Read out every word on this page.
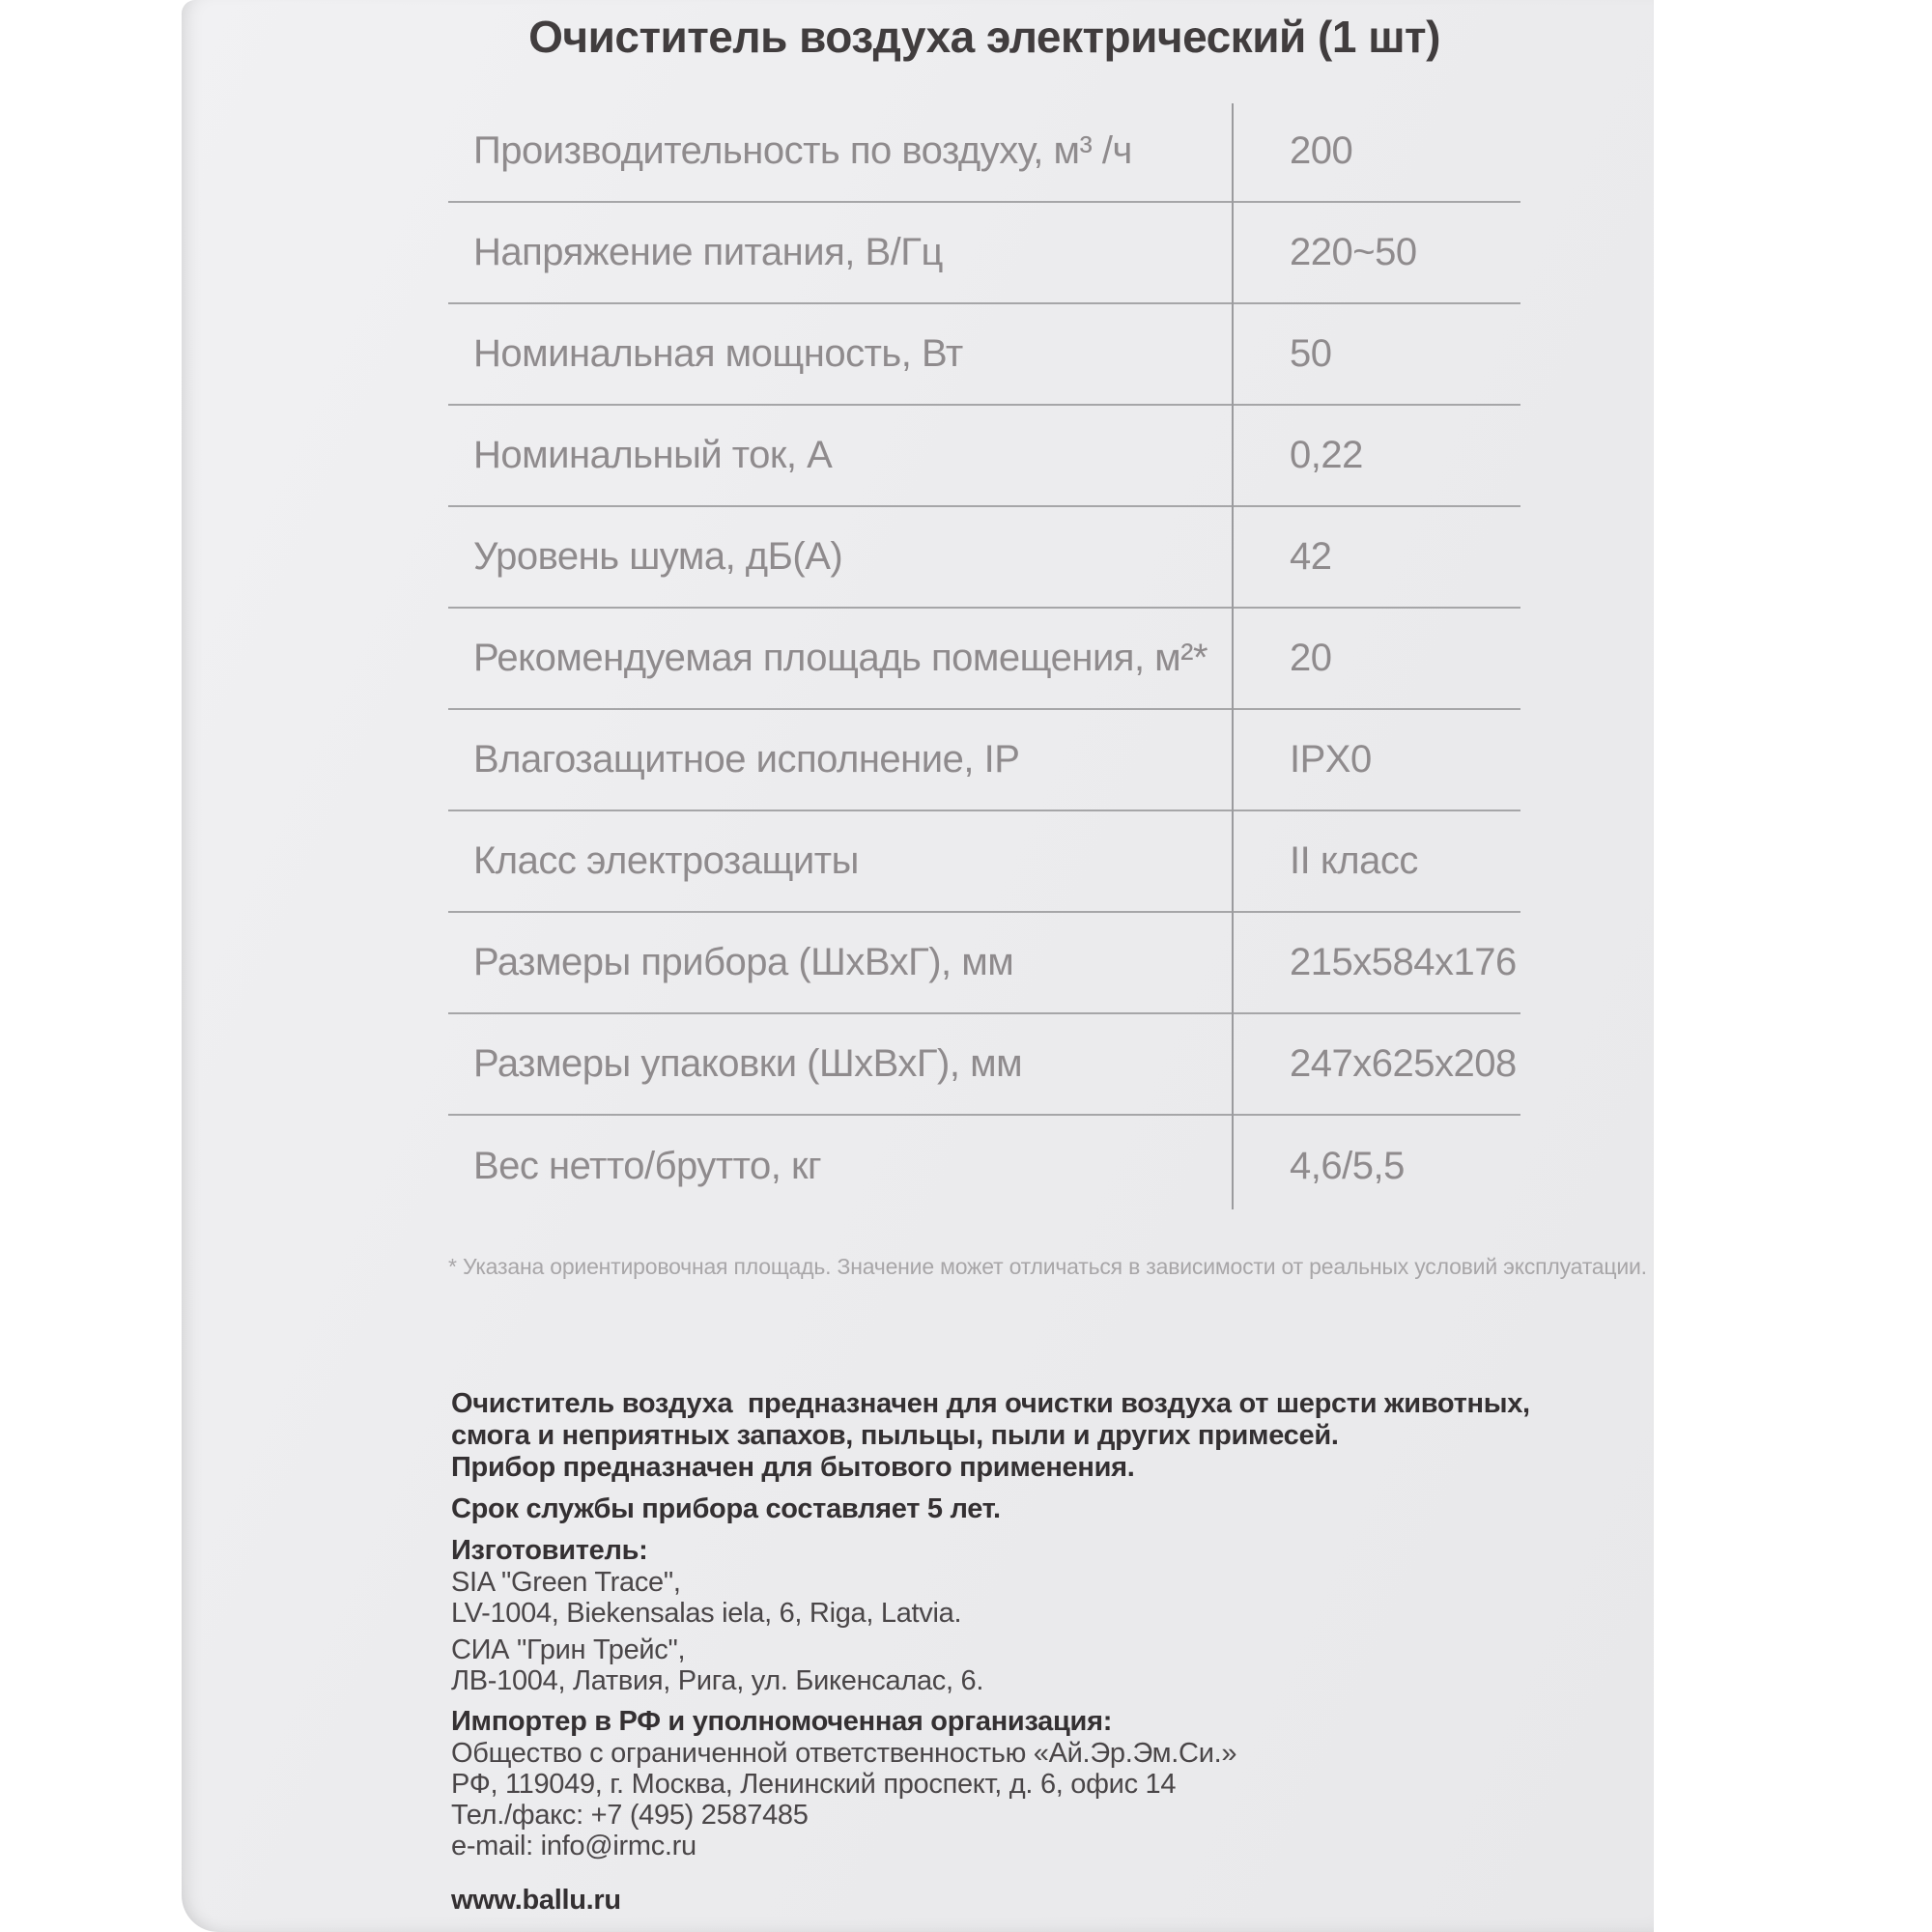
Очиститель воздуха электрический (1 шт)
Производительность по воздуху, м³ /ч	200
Напряжение питания, В/Гц	220~50
Номинальная мощность, Вт	50
Номинальный ток, А	0,22
Уровень шума, дБ(А)	42
Рекомендуемая площадь помещения, м²*	20
Влагозащитное исполнение, IP	IPX0
Класс электрозащиты	II класс
Размеры прибора (ШхВхГ), мм	215x584x176
Размеры упаковки (ШхВхГ), мм	247x625x208
Вес нетто/брутто, кг	4,6/5,5
* Указана ориентировочная площадь. Значение может отличаться в зависимости от реальных условий эксплуатации.
Очиститель воздуха  предназначен для очистки воздуха от шерсти животных,
смога и неприятных запахов, пыльцы, пыли и других примесей.
Прибор предназначен для бытового применения.
Срок службы прибора составляет 5 лет.
Изготовитель:
SIA "Green Trace",
LV-1004, Biekensalas iela, 6, Riga, Latvia.
СИА "Грин Трейс",
ЛВ-1004, Латвия, Рига, ул. Бикенсалас, 6.
Импортер в РФ и уполномоченная организация:
Общество с ограниченной ответственностью «Ай.Эр.Эм.Си.»
РФ, 119049, г. Москва, Ленинский проспект, д. 6, офис 14
Тел./факс: +7 (495) 2587485
e-mail: info@irmc.ru
www.ballu.ru
